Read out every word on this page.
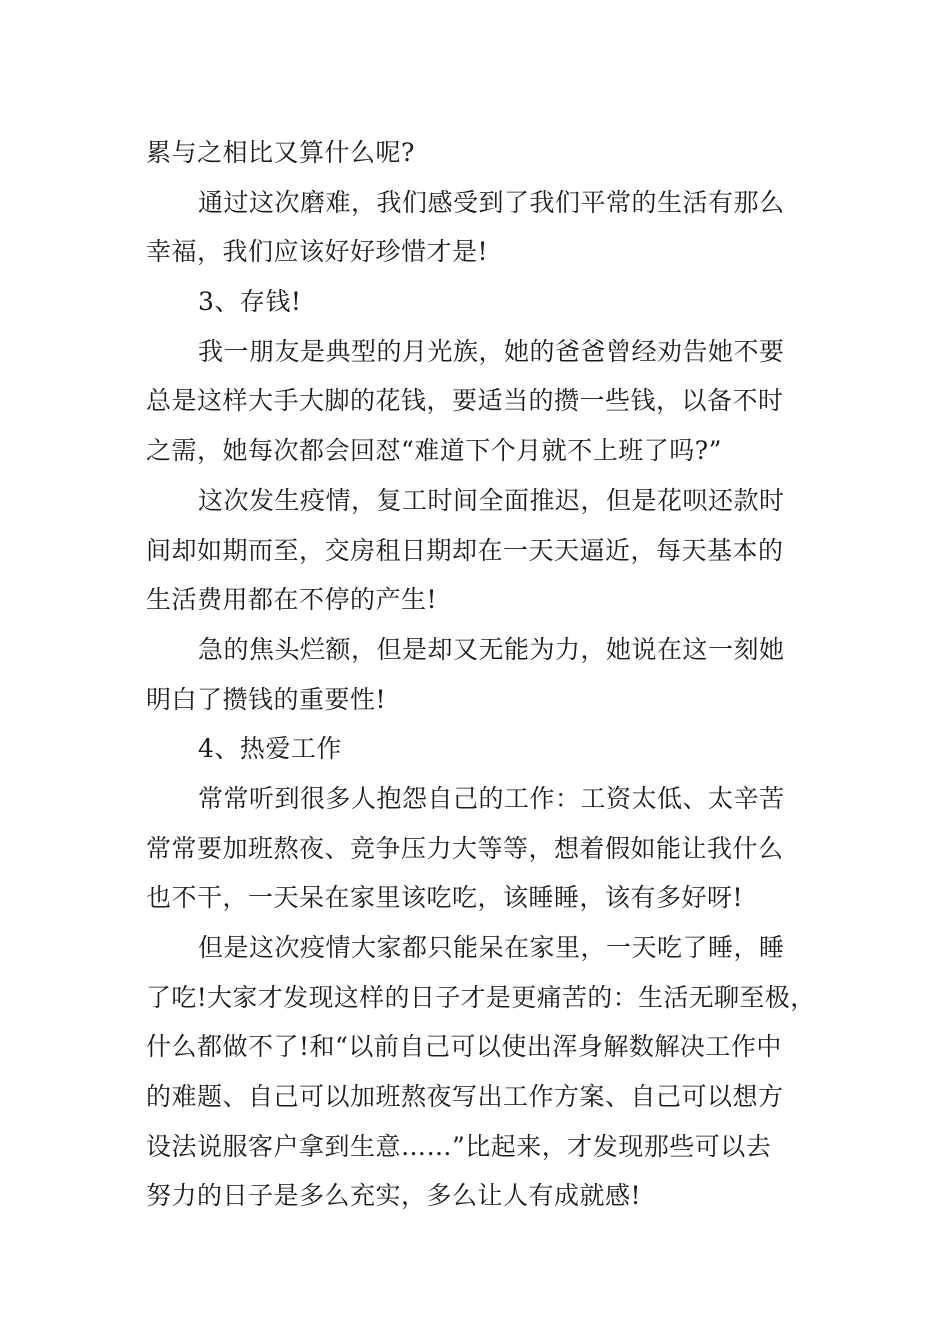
累与之相比又算什么呢?
通过这次磨难，我们感受到了我们平常的生活有那么
幸福，我们应该好好珍惜才是!
3、存钱!
我一朋友是典型的月光族，她的爸爸曾经劝告她不要
总是这样大手大脚的花钱，要适当的攒一些钱，以备不时
之需，她每次都会回怼“难道下个月就不上班了吗?”
这次发生疫情，复工时间全面推迟，但是花呗还款时
间却如期而至，交房租日期却在一天天逼近，每天基本的
生活费用都在不停的产生!
急的焦头烂额，但是却又无能为力，她说在这一刻她
明白了攒钱的重要性!
4、热爱工作
常常听到很多人抱怨自己的工作：工资太低、太辛苦
常常要加班熬夜、竞争压力大等等，想着假如能让我什么
也不干，一天呆在家里该吃吃，该睡睡，该有多好呀!
但是这次疫情大家都只能呆在家里，一天吃了睡，睡
了吃!大家才发现这样的日子才是更痛苦的：生活无聊至极，
什么都做不了!和“以前自己可以使出浑身解数解决工作中
的难题、自己可以加班熬夜写出工作方案、自己可以想方
设法说服客户拿到生意……”比起来，才发现那些可以去
努力的日子是多么充实，多么让人有成就感!
